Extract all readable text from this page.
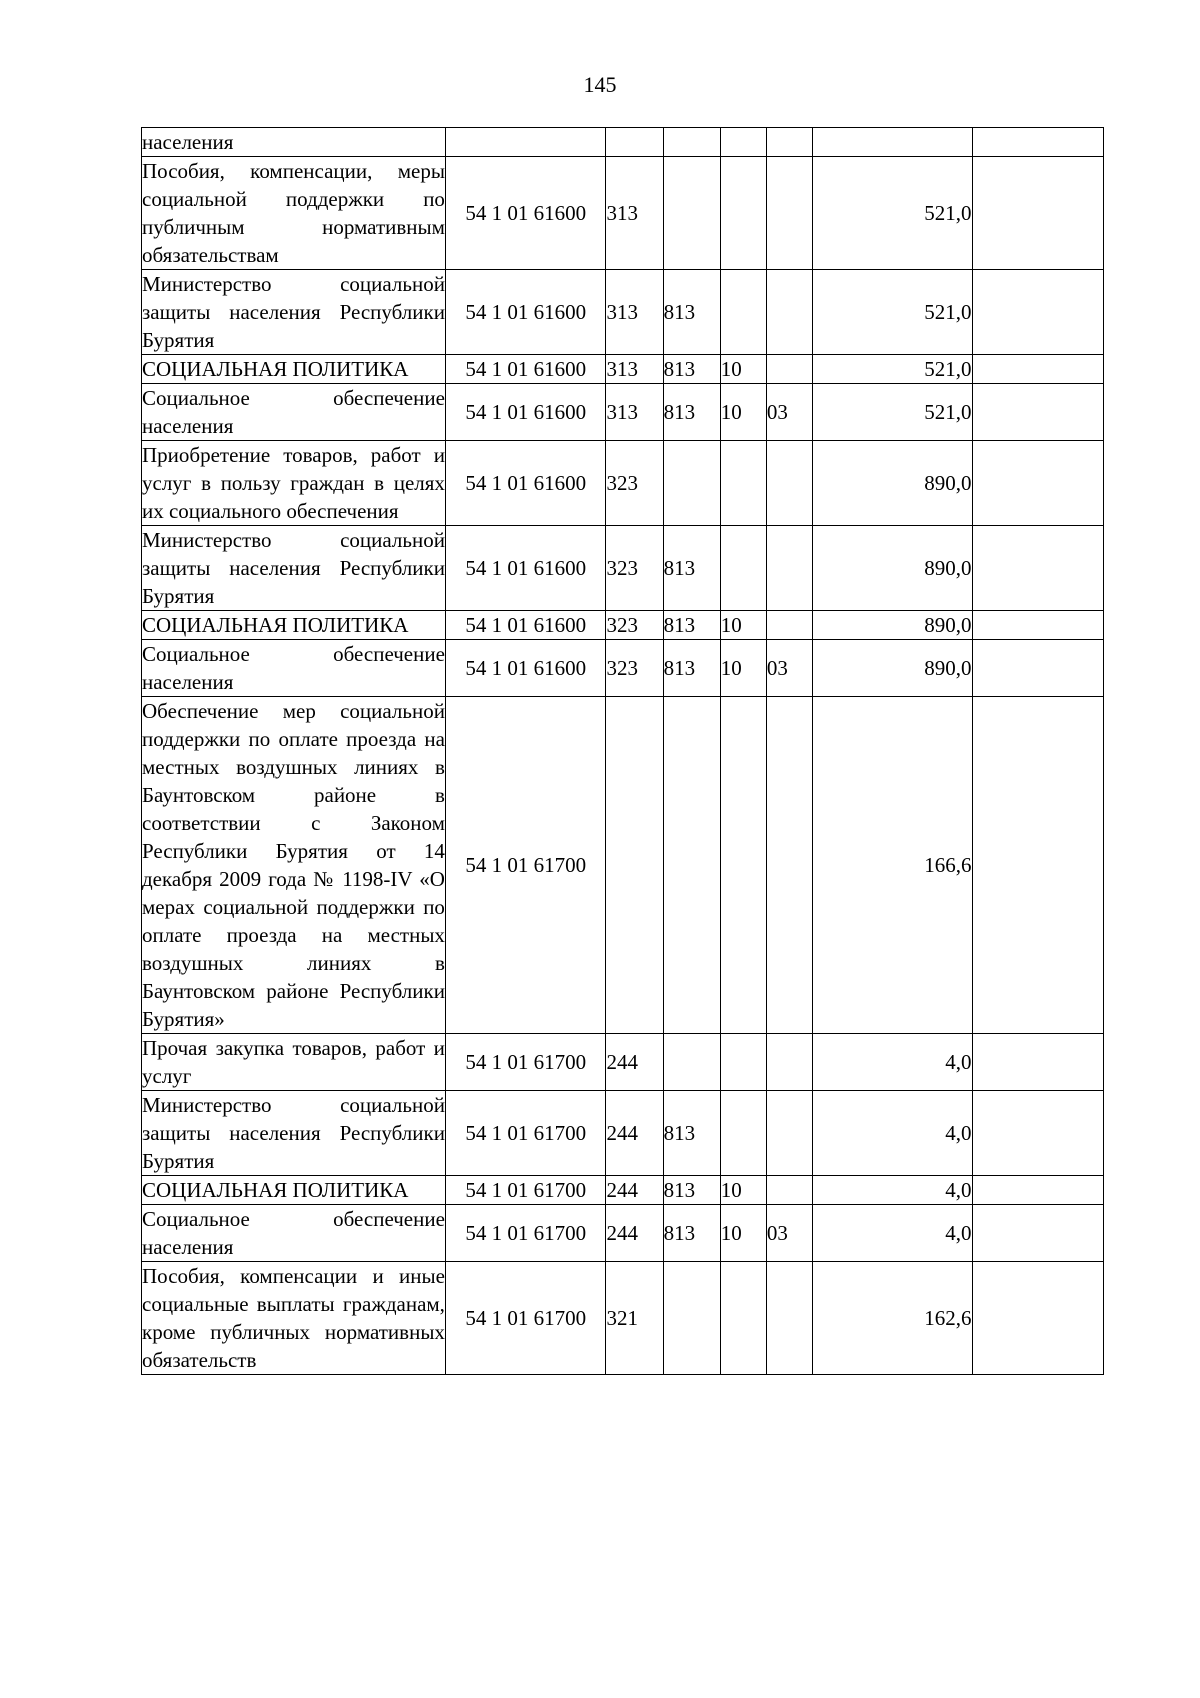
145
населения							
Пособия, компенсации, меры социальной поддержки по публичным нормативным обязательствам	54 1 01 61600	313				521,0	
Министерство социальной защиты населения Республики Бурятия	54 1 01 61600	313	813			521,0	
СОЦИАЛЬНАЯ ПОЛИТИКА	54 1 01 61600	313	813	10		521,0	
Социальное обеспечение населения	54 1 01 61600	313	813	10	03	521,0	
Приобретение товаров, работ и услуг в пользу граждан в целях их социального обеспечения	54 1 01 61600	323				890,0	
Министерство социальной защиты населения Республики Бурятия	54 1 01 61600	323	813			890,0	
СОЦИАЛЬНАЯ ПОЛИТИКА	54 1 01 61600	323	813	10		890,0	
Социальное обеспечение населения	54 1 01 61600	323	813	10	03	890,0	
Обеспечение мер социальной поддержки по оплате проезда на местных воздушных линиях в Баунтовском районе в соответствии с Законом Республики Бурятия от 14 декабря 2009 года № 1198-IV «О мерах социальной поддержки по оплате проезда на местных воздушных линиях в Баунтовском районе Республики Бурятия»	54 1 01 61700					166,6	
Прочая закупка товаров, работ и услуг	54 1 01 61700	244				4,0	
Министерство социальной защиты населения Республики Бурятия	54 1 01 61700	244	813			4,0	
СОЦИАЛЬНАЯ ПОЛИТИКА	54 1 01 61700	244	813	10		4,0	
Социальное обеспечение населения	54 1 01 61700	244	813	10	03	4,0	
Пособия, компенсации и иные социальные выплаты гражданам, кроме публичных нормативных обязательств	54 1 01 61700	321				162,6	
